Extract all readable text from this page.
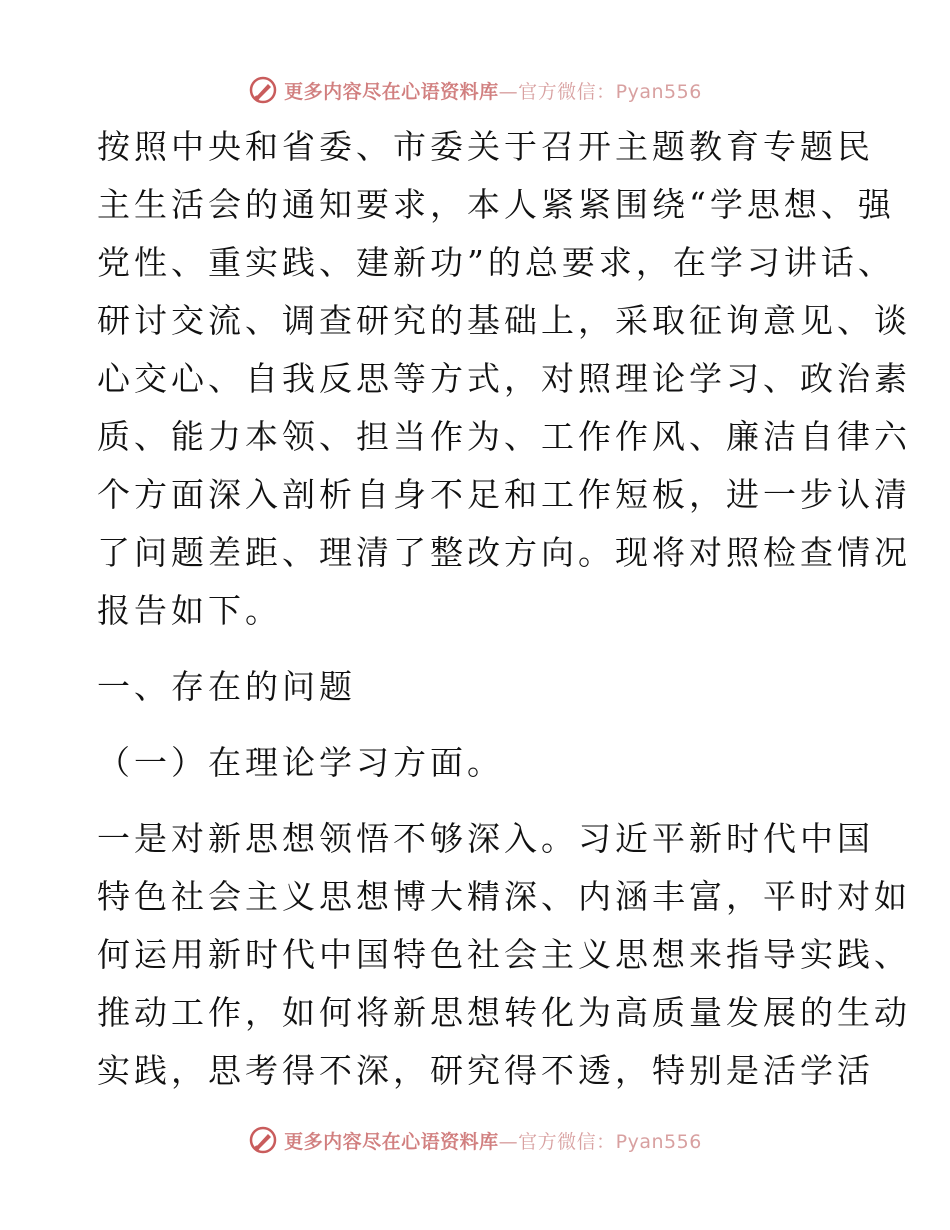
更多内容尽在心语资料库—官方微信：Pyan556
按照中央和省委、市委关于召开主题教育专题民
主生活会的通知要求，本人紧紧围绕“学思想、强
党性、重实践、建新功”的总要求，在学习讲话、
研讨交流、调查研究的基础上，采取征询意见、谈
心交心、自我反思等方式，对照理论学习、政治素
质、能力本领、担当作为、工作作风、廉洁自律六
个方面深入剖析自身不足和工作短板，进一步认清
了问题差距、理清了整改方向。现将对照检查情况
报告如下。
一、存在的问题
（一）在理论学习方面。
一是对新思想领悟不够深入。习近平新时代中国
特色社会主义思想博大精深、内涵丰富，平时对如
何运用新时代中国特色社会主义思想来指导实践、
推动工作，如何将新思想转化为高质量发展的生动
实践，思考得不深，研究得不透，特别是活学活
更多内容尽在心语资料库—官方微信：Pyan556
